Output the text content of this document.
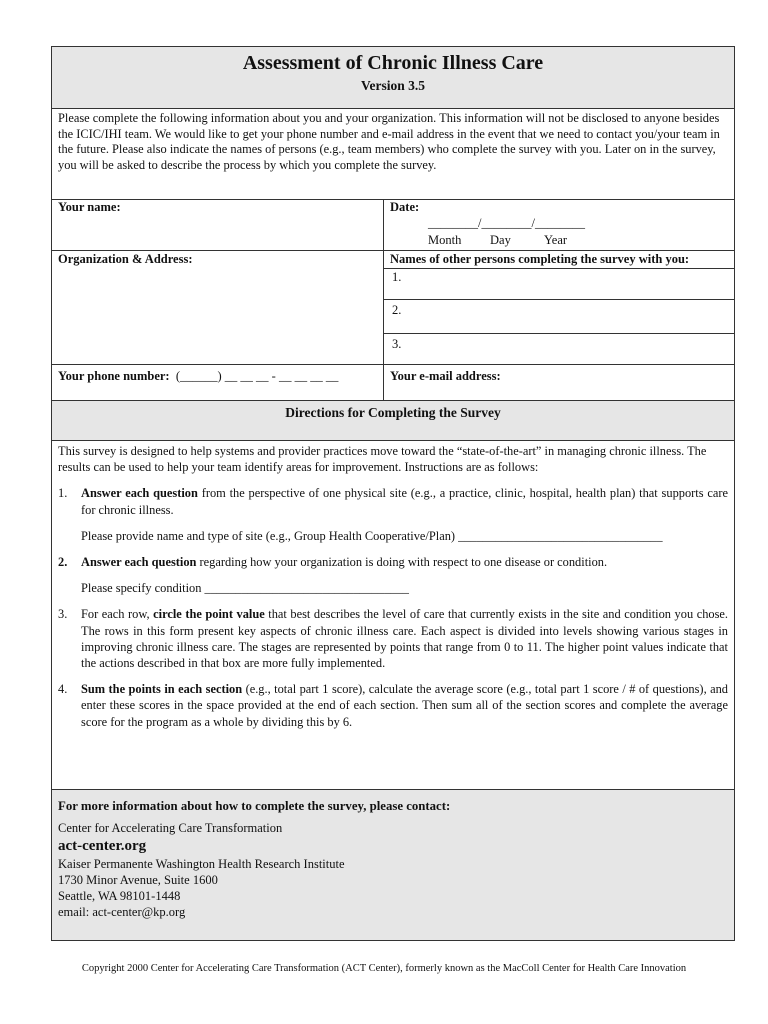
Assessment of Chronic Illness Care
Version 3.5
Please complete the following information about you and your organization. This information will not be disclosed to anyone besides the ICIC/IHI team. We would like to get your phone number and e-mail address in the event that we need to contact you/your team in the future. Please also indicate the names of persons (e.g., team members) who complete the survey with you. Later on in the survey, you will be asked to describe the process by which you complete the survey.
Your name:	Date:
________/________/________
Month Day	Year
Organization & Address:	Names of other persons completing the survey with you:
1.
2.
3.
Your phone number:  (______) __ __ __ - __ __ __ __	Your e-mail address:
Directions for Completing the Survey

This survey is designed to help systems and provider practices move toward the “state-of-the-art” in managing chronic illness. The results can be used to help your team identify areas for improvement. Instructions are as follows:

1.	Answer each question from the perspective of one physical site (e.g., a practice, clinic, hospital, health plan) that supports care for chronic illness.
Please provide name and type of site (e.g., Group Health Cooperative/Plan) _________________________________
2.	Answer each question regarding how your organization is doing with respect to one disease or condition.
Please specify condition _________________________________
3.	For each row, circle the point value that best describes the level of care that currently exists in the site and condition you chose. The rows in this form present key aspects of chronic illness care. Each aspect is divided into levels showing various stages in improving chronic illness care. The stages are represented by points that range from 0 to 11. The higher point values indicate that the actions described in that box are more fully implemented.
4.	Sum the points in each section (e.g., total part 1 score), calculate the average score (e.g., total part 1 score / # of questions), and enter these scores in the space provided at the end of each section. Then sum all of the section scores and complete the average score for the program as a whole by dividing this by 6.
For more information about how to complete the survey, please contact:
Center for Accelerating Care Transformation
act-center.org
Kaiser Permanente Washington Health Research Institute
1730 Minor Avenue, Suite 1600
Seattle, WA 98101-1448
email: act-center@kp.org
Copyright 2000 Center for Accelerating Care Transformation (ACT Center), formerly known as the MacColl Center for Health Care Innovation
